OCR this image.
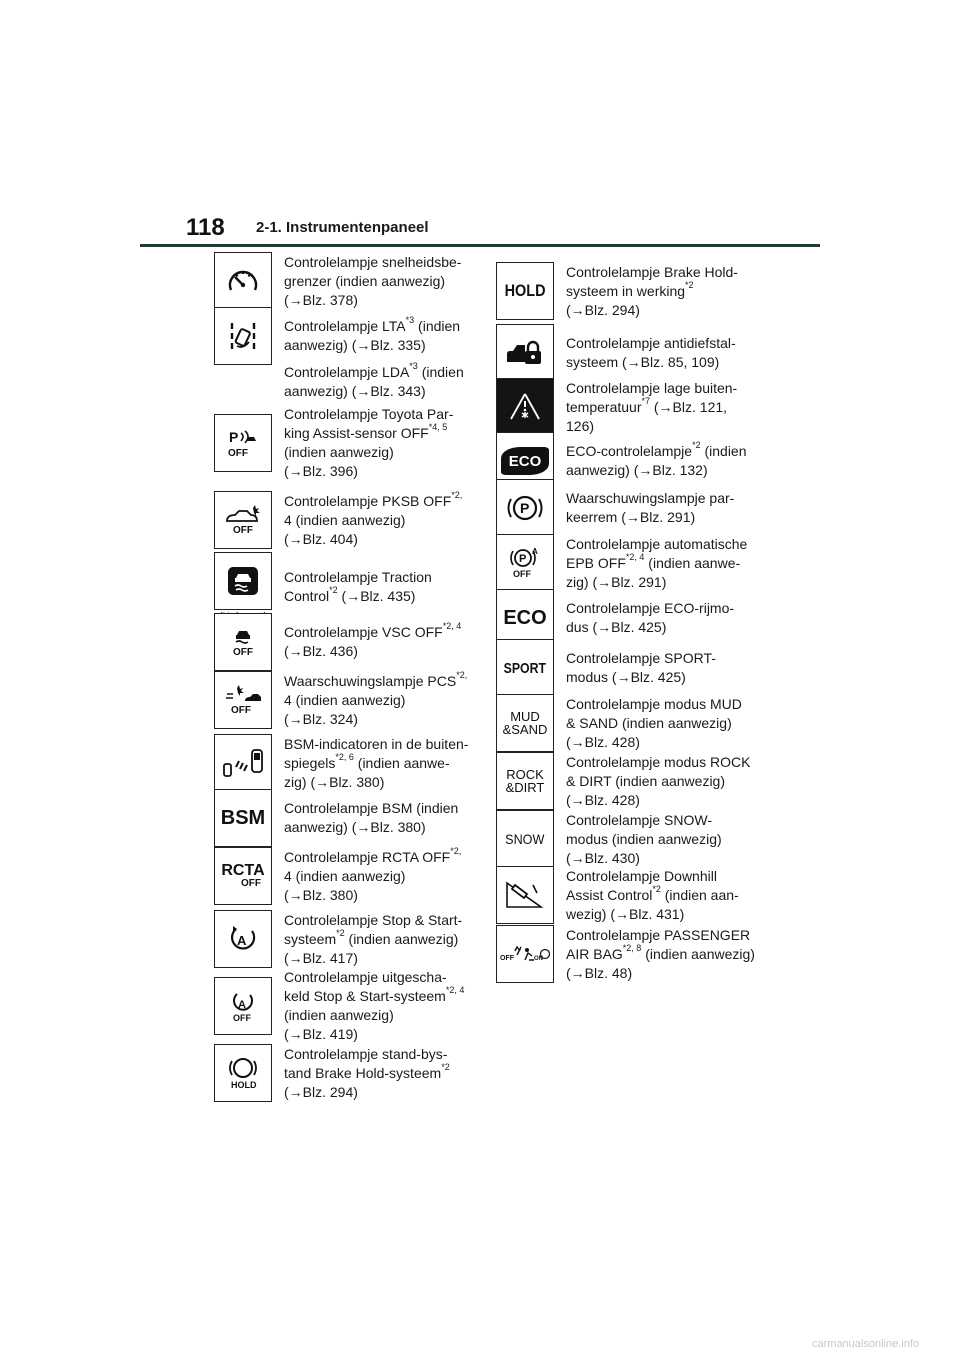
118 2-1. Instrumentenpaneel
Controlelampje snelheidsbe-
grenzer (indien aanwezig)
(→Blz. 378)
Controlelampje LTA$^{*3}$ (indien
aanwezig) (→Blz. 335)
Controlelampje LDA$^{*3}$ (indien
aanwezig) (→Blz. 343)
P
OFF
Controlelampje Toyota Par-
king Assist-sensor OFF$^{*4, 5}$
(indien aanwezig)
(→Blz. 396)
OFF
Controlelampje PKSB $OFF^{*2,}$
4 (indien aanwezig)
(→Blz. 404)
Controlelampje Traction
Control$^{*2}$ (→Blz. 435)
OFF
Controlelampje VSC OFF$^{*2, 4}$
(→Blz. 436)
OFF
Waarschuwingslampje $PCS^{*2,}$
4 (indien aanwezig)
(→Blz. 324)
BSM-indicatoren in de buiten-
spiegels$^{*2, 6}$ (indien aanwe-
zig) (→Blz. 380)
BSM Controlelampje BSM (indien
aanwezig) (→Blz. 380)
RCTA
OFF
Controlelampje RCTA $OFF^{*2,}$
4 (indien aanwezig)
(→Blz. 380)
A
Controlelampje Stop & Start-
systeem$^{*2}$ (indien aanwezig)
(→Blz. 417)
A
OFF
Controlelampje uitgescha-
keld Stop & Start-systeem$^{*2, 4}$
(indien aanwezig)
(→Blz. 419)
HOLD
Controlelampje stand-bys-
tand Brake Hold-systeem$^{*2}$
(→Blz. 294)
HOLD
Controlelampje Brake Hold-
systeem in werking$^{*2}$
(→Blz. 294)
Controlelampje antidiefstal-
systeem (→Blz. 85, 109)
Controlelampje lage buiten-
temperatuur$^{*7}$ (→Blz. 121,
126)
ECO
ECO-controlelampje$^{*2}$ (indien
aanwezig) (→Blz. 132)
P
Waarschuwingslampje par-
keerrem (→Blz. 291)
P
A
OFF
Controlelampje automatische
EPB OFF$^{*2, 4}$ (indien aanwe-
zig) (→Blz. 291)
ECO Controlelampje ECO-rijmo-
dus (→Blz. 425)
SPORT
Controlelampje SPORT-
modus (→Blz. 425)
MUD
&SAND
Controlelampje modus MUD
& SAND (indien aanwezig)
(→Blz. 428)
ROCK
&DIRT
Controlelampje modus ROCK
& DIRT (indien aanwezig)
(→Blz. 428)
SNOW
Controlelampje SNOW-
modus (indien aanwezig)
(→Blz. 430)
Controlelampje Downhill
Assist Control$^{*2}$ (indien aan-
wezig) (→Blz. 431)
OFF	ON
Controlelampje PASSENGER
AIR BAG$^{*2, 8}$ (indien aanwezig)
(→Blz. 48)
carmanualsonline.info
